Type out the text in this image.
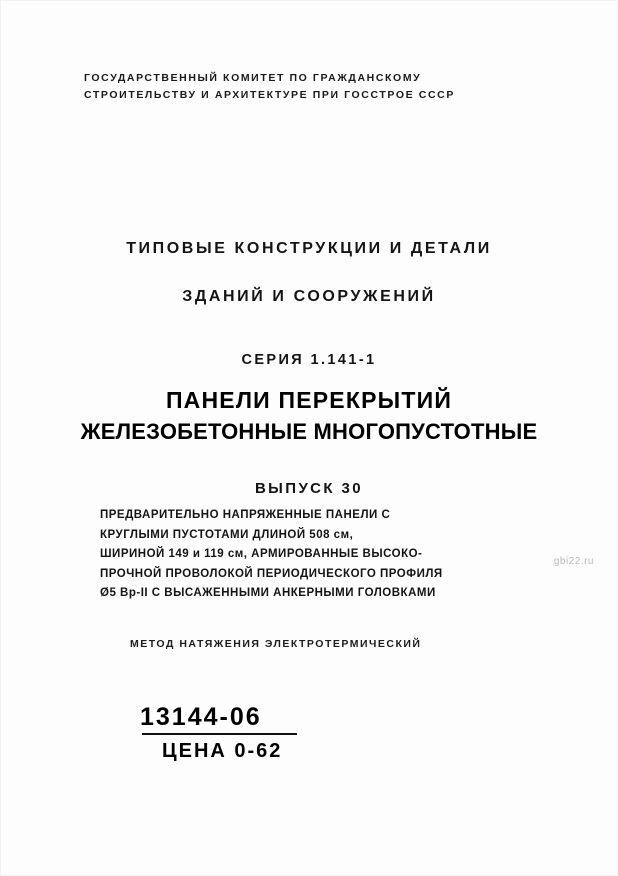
ГОСУДАРСТВЕННЫЙ КОМИТЕТ ПО ГРАЖДАНСКОМУ
СТРОИТЕЛЬСТВУ И АРХИТЕКТУРЕ ПРИ ГОССТРОЕ СССР
ТИПОВЫЕ КОНСТРУКЦИИ И ДЕТАЛИ
ЗДАНИЙ И СООРУЖЕНИЙ
СЕРИЯ 1.141-1
ПАНЕЛИ ПЕРЕКРЫТИЙ
ЖЕЛЕЗОБЕТОННЫЕ МНОГОПУСТОТНЫЕ
ВЫПУСК 30
ПРЕДВАРИТЕЛЬНО НАПРЯЖЕННЫЕ ПАНЕЛИ С
КРУГЛЫМИ ПУСТОТАМИ ДЛИНОЙ 508 см,
ШИРИНОЙ 149 и 119 см, АРМИРОВАННЫЕ ВЫСОКО-
ПРОЧНОЙ ПРОВОЛОКОЙ ПЕРИОДИЧЕСКОГО ПРОФИЛЯ
Ø5 Вр-II С ВЫСАЖЕННЫМИ АНКЕРНЫМИ ГОЛОВКАМИ
МЕТОД НАТЯЖЕНИЯ ЭЛЕКТРОТЕРМИЧЕСКИЙ
13144-06
ЦЕНА 0-62
gbi22.ru
